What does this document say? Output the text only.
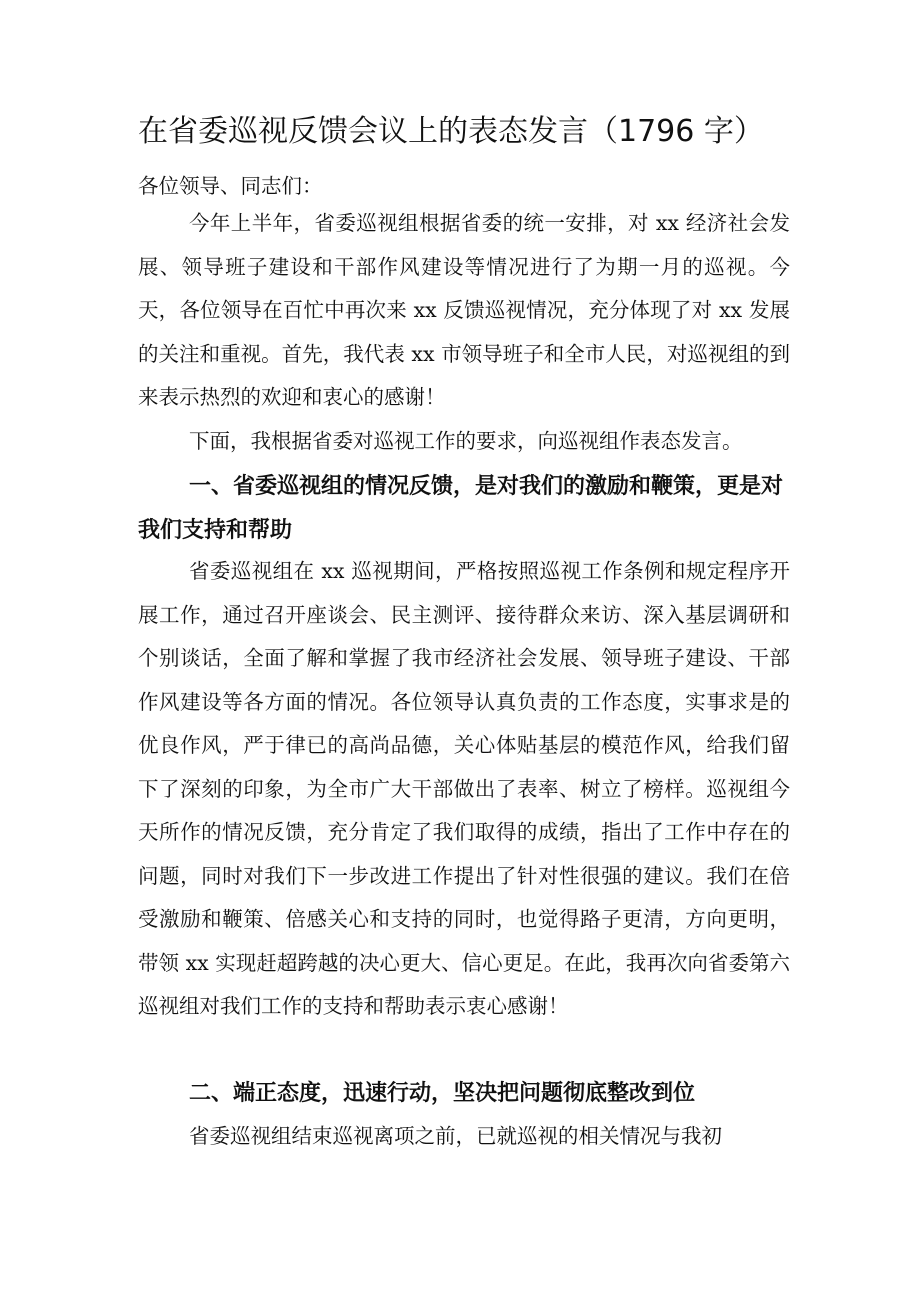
在省委巡视反馈会议上的表态发言（1796 字）

各位领导、同志们：

今年上半年，省委巡视组根据省委的统一安排，对 xx 经济社会发展、领导班子建设和干部作风建设等情况进行了为期一月的巡视。今天，各位领导在百忙中再次来 xx 反馈巡视情况，充分体现了对 xx 发展的关注和重视。首先，我代表 xx 市领导班子和全市人民，对巡视组的到来表示热烈的欢迎和衷心的感谢！

下面，我根据省委对巡视工作的要求，向巡视组作表态发言。

一、省委巡视组的情况反馈，是对我们的激励和鞭策，更是对我们支持和帮助

省委巡视组在 xx 巡视期间，严格按照巡视工作条例和规定程序开展工作，通过召开座谈会、民主测评、接待群众来访、深入基层调研和个别谈话，全面了解和掌握了我市经济社会发展、领导班子建设、干部作风建设等各方面的情况。各位领导认真负责的工作态度，实事求是的优良作风，严于律已的高尚品德，关心体贴基层的模范作风，给我们留下了深刻的印象，为全市广大干部做出了表率、树立了榜样。巡视组今天所作的情况反馈，充分肯定了我们取得的成绩，指出了工作中存在的问题，同时对我们下一步改进工作提出了针对性很强的建议。我们在倍受激励和鞭策、倍感关心和支持的同时，也觉得路子更清，方向更明，带领 xx 实现赶超跨越的决心更大、信心更足。在此，我再次向省委第六巡视组对我们工作的支持和帮助表示衷心感谢！

二、端正态度，迅速行动，坚决把问题彻底整改到位

省委巡视组结束巡视离项之前，已就巡视的相关情况与我初
